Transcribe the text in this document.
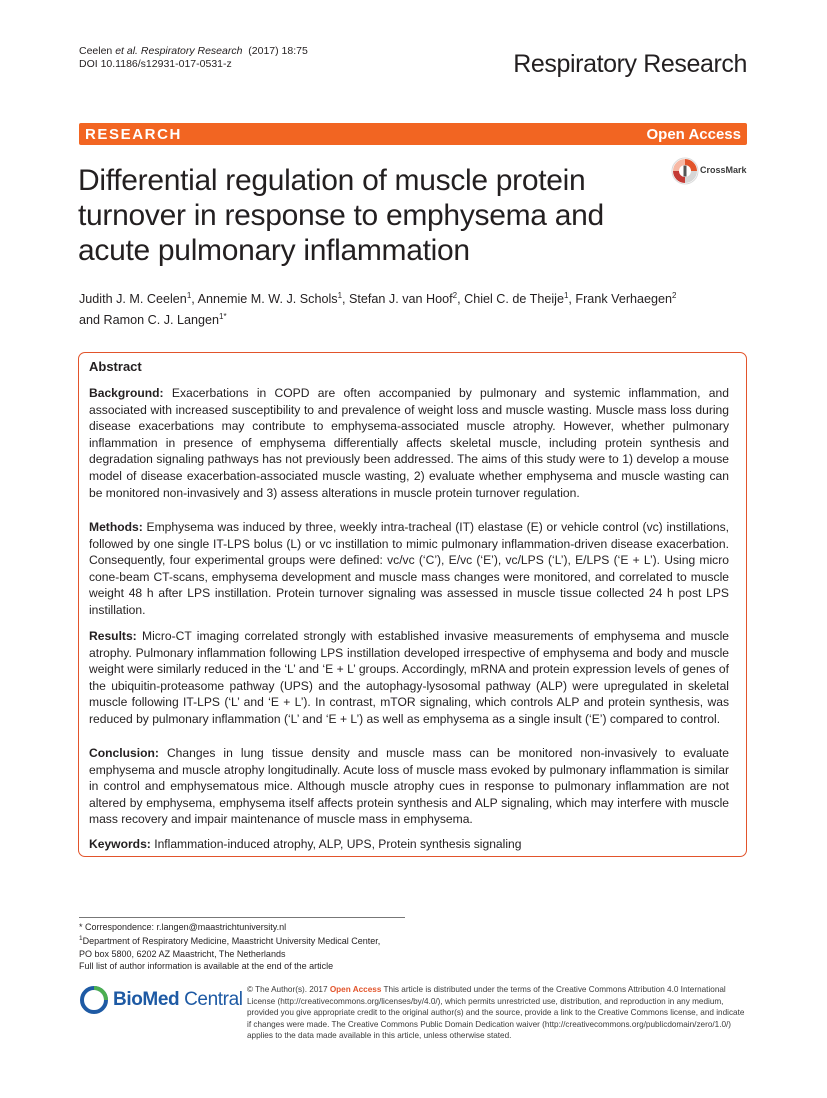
Ceelen et al. Respiratory Research (2017) 18:75
DOI 10.1186/s12931-017-0531-z	Respiratory Research
RESEARCH	Open Access
CrossMark
Differential regulation of muscle protein
turnover in response to emphysema and
acute pulmonary inflammation
Judith J. M. Ceelen$^1$, Annemie M. W. J. Schols$^1$, Stefan J. van Hoof$^2$, Chiel C. de Theije$^1$, Frank Verhaegen$^2$
and Ramon C. J. Langen$^{1*}$
Abstract
Background: Exacerbations in COPD are often accompanied by pulmonary and systemic inflammation, and associated with increased susceptibility to and prevalence of weight loss and muscle wasting. Muscle mass loss during disease exacerbations may contribute to emphysema-associated muscle atrophy. However, whether pulmonary inflammation in presence of emphysema differentially affects skeletal muscle, including protein synthesis and degradation signaling pathways has not previously been addressed. The aims of this study were to 1) develop a mouse model of disease exacerbation-associated muscle wasting, 2) evaluate whether emphysema and muscle wasting can be monitored non-invasively and 3) assess alterations in muscle protein turnover regulation.
Methods: Emphysema was induced by three, weekly intra-tracheal (IT) elastase (E) or vehicle control (vc) instillations, followed by one single IT-LPS bolus (L) or vc instillation to mimic pulmonary inflammation-driven disease exacerbation. Consequently, four experimental groups were defined: vc/vc (‘C’), E/vc (‘E’), vc/LPS (‘L’), E/LPS (‘E + L’). Using micro cone-beam CT-scans, emphysema development and muscle mass changes were monitored, and correlated to muscle weight 48 h after LPS instillation. Protein turnover signaling was assessed in muscle tissue collected 24 h post LPS instillation.
Results: Micro-CT imaging correlated strongly with established invasive measurements of emphysema and muscle atrophy. Pulmonary inflammation following LPS instillation developed irrespective of emphysema and body and muscle weight were similarly reduced in the ‘L’ and ‘E + L’ groups. Accordingly, mRNA and protein expression levels of genes of the ubiquitin-proteasome pathway (UPS) and the autophagy-lysosomal pathway (ALP) were upregulated in skeletal muscle following IT-LPS (‘L’ and ‘E + L’). In contrast, mTOR signaling, which controls ALP and protein synthesis, was reduced by pulmonary inflammation (‘L’ and ‘E + L’) as well as emphysema as a single insult (‘E’) compared to control.
Conclusion: Changes in lung tissue density and muscle mass can be monitored non-invasively to evaluate emphysema and muscle atrophy longitudinally. Acute loss of muscle mass evoked by pulmonary inflammation is similar in control and emphysematous mice. Although muscle atrophy cues in response to pulmonary inflammation are not altered by emphysema, emphysema itself affects protein synthesis and ALP signaling, which may interfere with muscle mass recovery and impair maintenance of muscle mass in emphysema.
Keywords: Inflammation-induced atrophy, ALP, UPS, Protein synthesis signaling
* Correspondence: r.langen@maastrichtuniversity.nl
$^1$Department of Respiratory Medicine, Maastricht University Medical Center,
PO box 5800, 6202 AZ Maastricht, The Netherlands
Full list of author information is available at the end of the article
BioMed Central © The Author(s). 2017 Open Access This article is distributed under the terms of the Creative Commons Attribution 4.0 International License (http://creativecommons.org/licenses/by/4.0/), which permits unrestricted use, distribution, and reproduction in any medium, provided you give appropriate credit to the original author(s) and the source, provide a link to the Creative Commons license, and indicate if changes were made. The Creative Commons Public Domain Dedication waiver (http://creativecommons.org/publicdomain/zero/1.0/) applies to the data made available in this article, unless otherwise stated.
